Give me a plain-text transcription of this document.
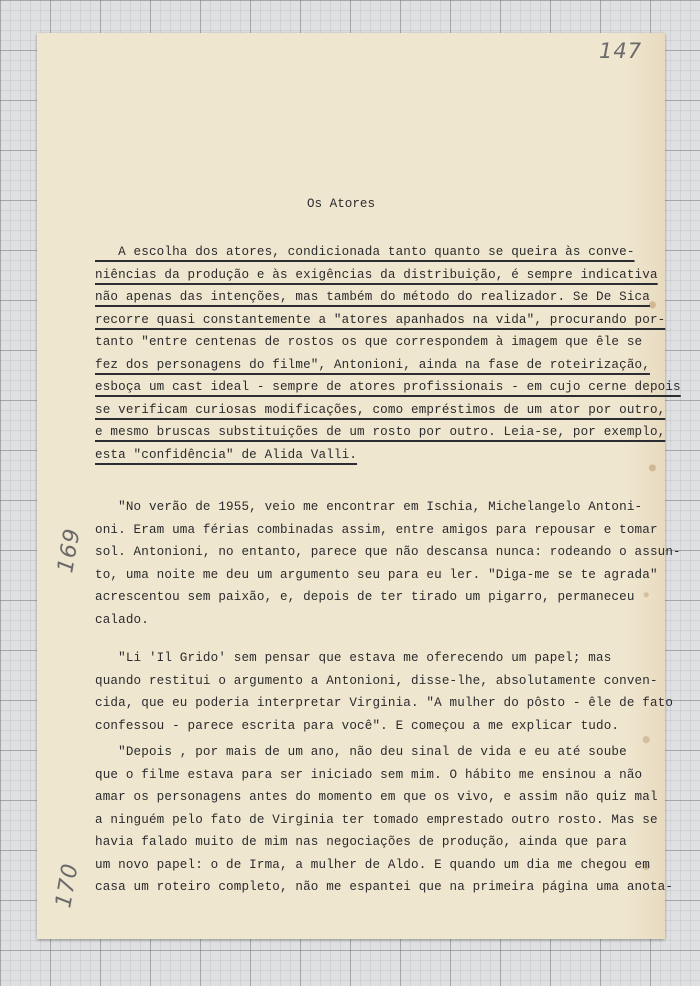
147
169
170
Os Atores

A escolha dos atores, condicionada tanto quanto se queira às conve-

niências da produção e às exigências da distribuição, é sempre indicativa

não apenas das intenções, mas também do método do realizador. Se De Sica

recorre quasi constantemente a "atores apanhados na vida", procurando por-

tanto "entre centenas de rostos os que correspondem à imagem que êle se

fez dos personagens do filme", Antonioni, ainda na fase de roteirização,

esboça um cast ideal - sempre de atores profissionais - em cujo cerne depois

se verificam curiosas modificações, como empréstimos de um ator por outro,

e mesmo bruscas substituições de um rosto por outro. Leia-se, por exemplo,

esta "confidência" de Alida Valli.

"No verão de 1955, veio me encontrar em Ischia, Michelangelo Antoni-

oni. Eram uma férias combinadas assim, entre amigos para repousar e tomar

sol. Antonioni, no entanto, parece que não descansa nunca: rodeando o assun-

to, uma noite me deu um argumento seu para eu ler. "Diga-me se te agrada"

acrescentou sem paixão, e, depois de ter tirado um pigarro, permaneceu

calado.

"Li 'Il Grido' sem pensar que estava me oferecendo um papel; mas

quando restitui o argumento a Antonioni, disse-lhe, absolutamente conven-

cida, que eu poderia interpretar Virginia. "A mulher do pôsto - êle de fato

confessou - parece escrita para você". E começou a me explicar tudo.

"Depois , por mais de um ano, não deu sinal de vida e eu até soube

que o filme estava para ser iniciado sem mim. O hábito me ensinou a não

amar os personagens antes do momento em que os vivo, e assim não quiz mal

a ninguém pelo fato de Virginia ter tomado emprestado outro rosto. Mas se

havia falado muito de mim nas negociações de produção, ainda que para

um novo papel: o de Irma, a mulher de Aldo. E quando um dia me chegou em

casa um roteiro completo, não me espantei que na primeira página uma anota-
